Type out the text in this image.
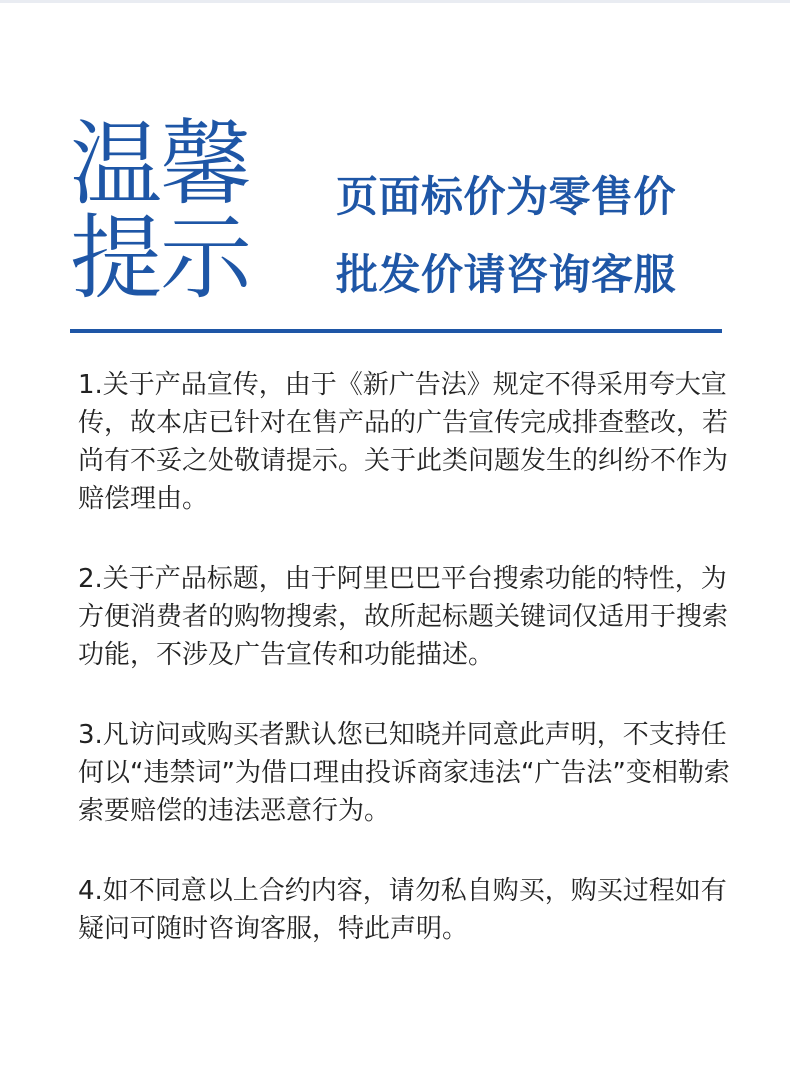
温馨
提示
页面标价为零售价
批发价请咨询客服

1.关于产品宣传，由于《新广告法》规定不得采用夸大宣传，故本店已针对在售产品的广告宣传完成排查整改，若尚有不妥之处敬请提示。关于此类问题发生的纠纷不作为赔偿理由。

2.关于产品标题，由于阿里巴巴平台搜索功能的特性，为方便消费者的购物搜索，故所起标题关键词仅适用于搜索功能，不涉及广告宣传和功能描述。

3.凡访问或购买者默认您已知晓并同意此声明，不支持任何以“违禁词”为借口理由投诉商家违法“广告法”变相勒索索要赔偿的违法恶意行为。

4.如不同意以上合约内容，请勿私自购买，购买过程如有疑问可随时咨询客服，特此声明。
